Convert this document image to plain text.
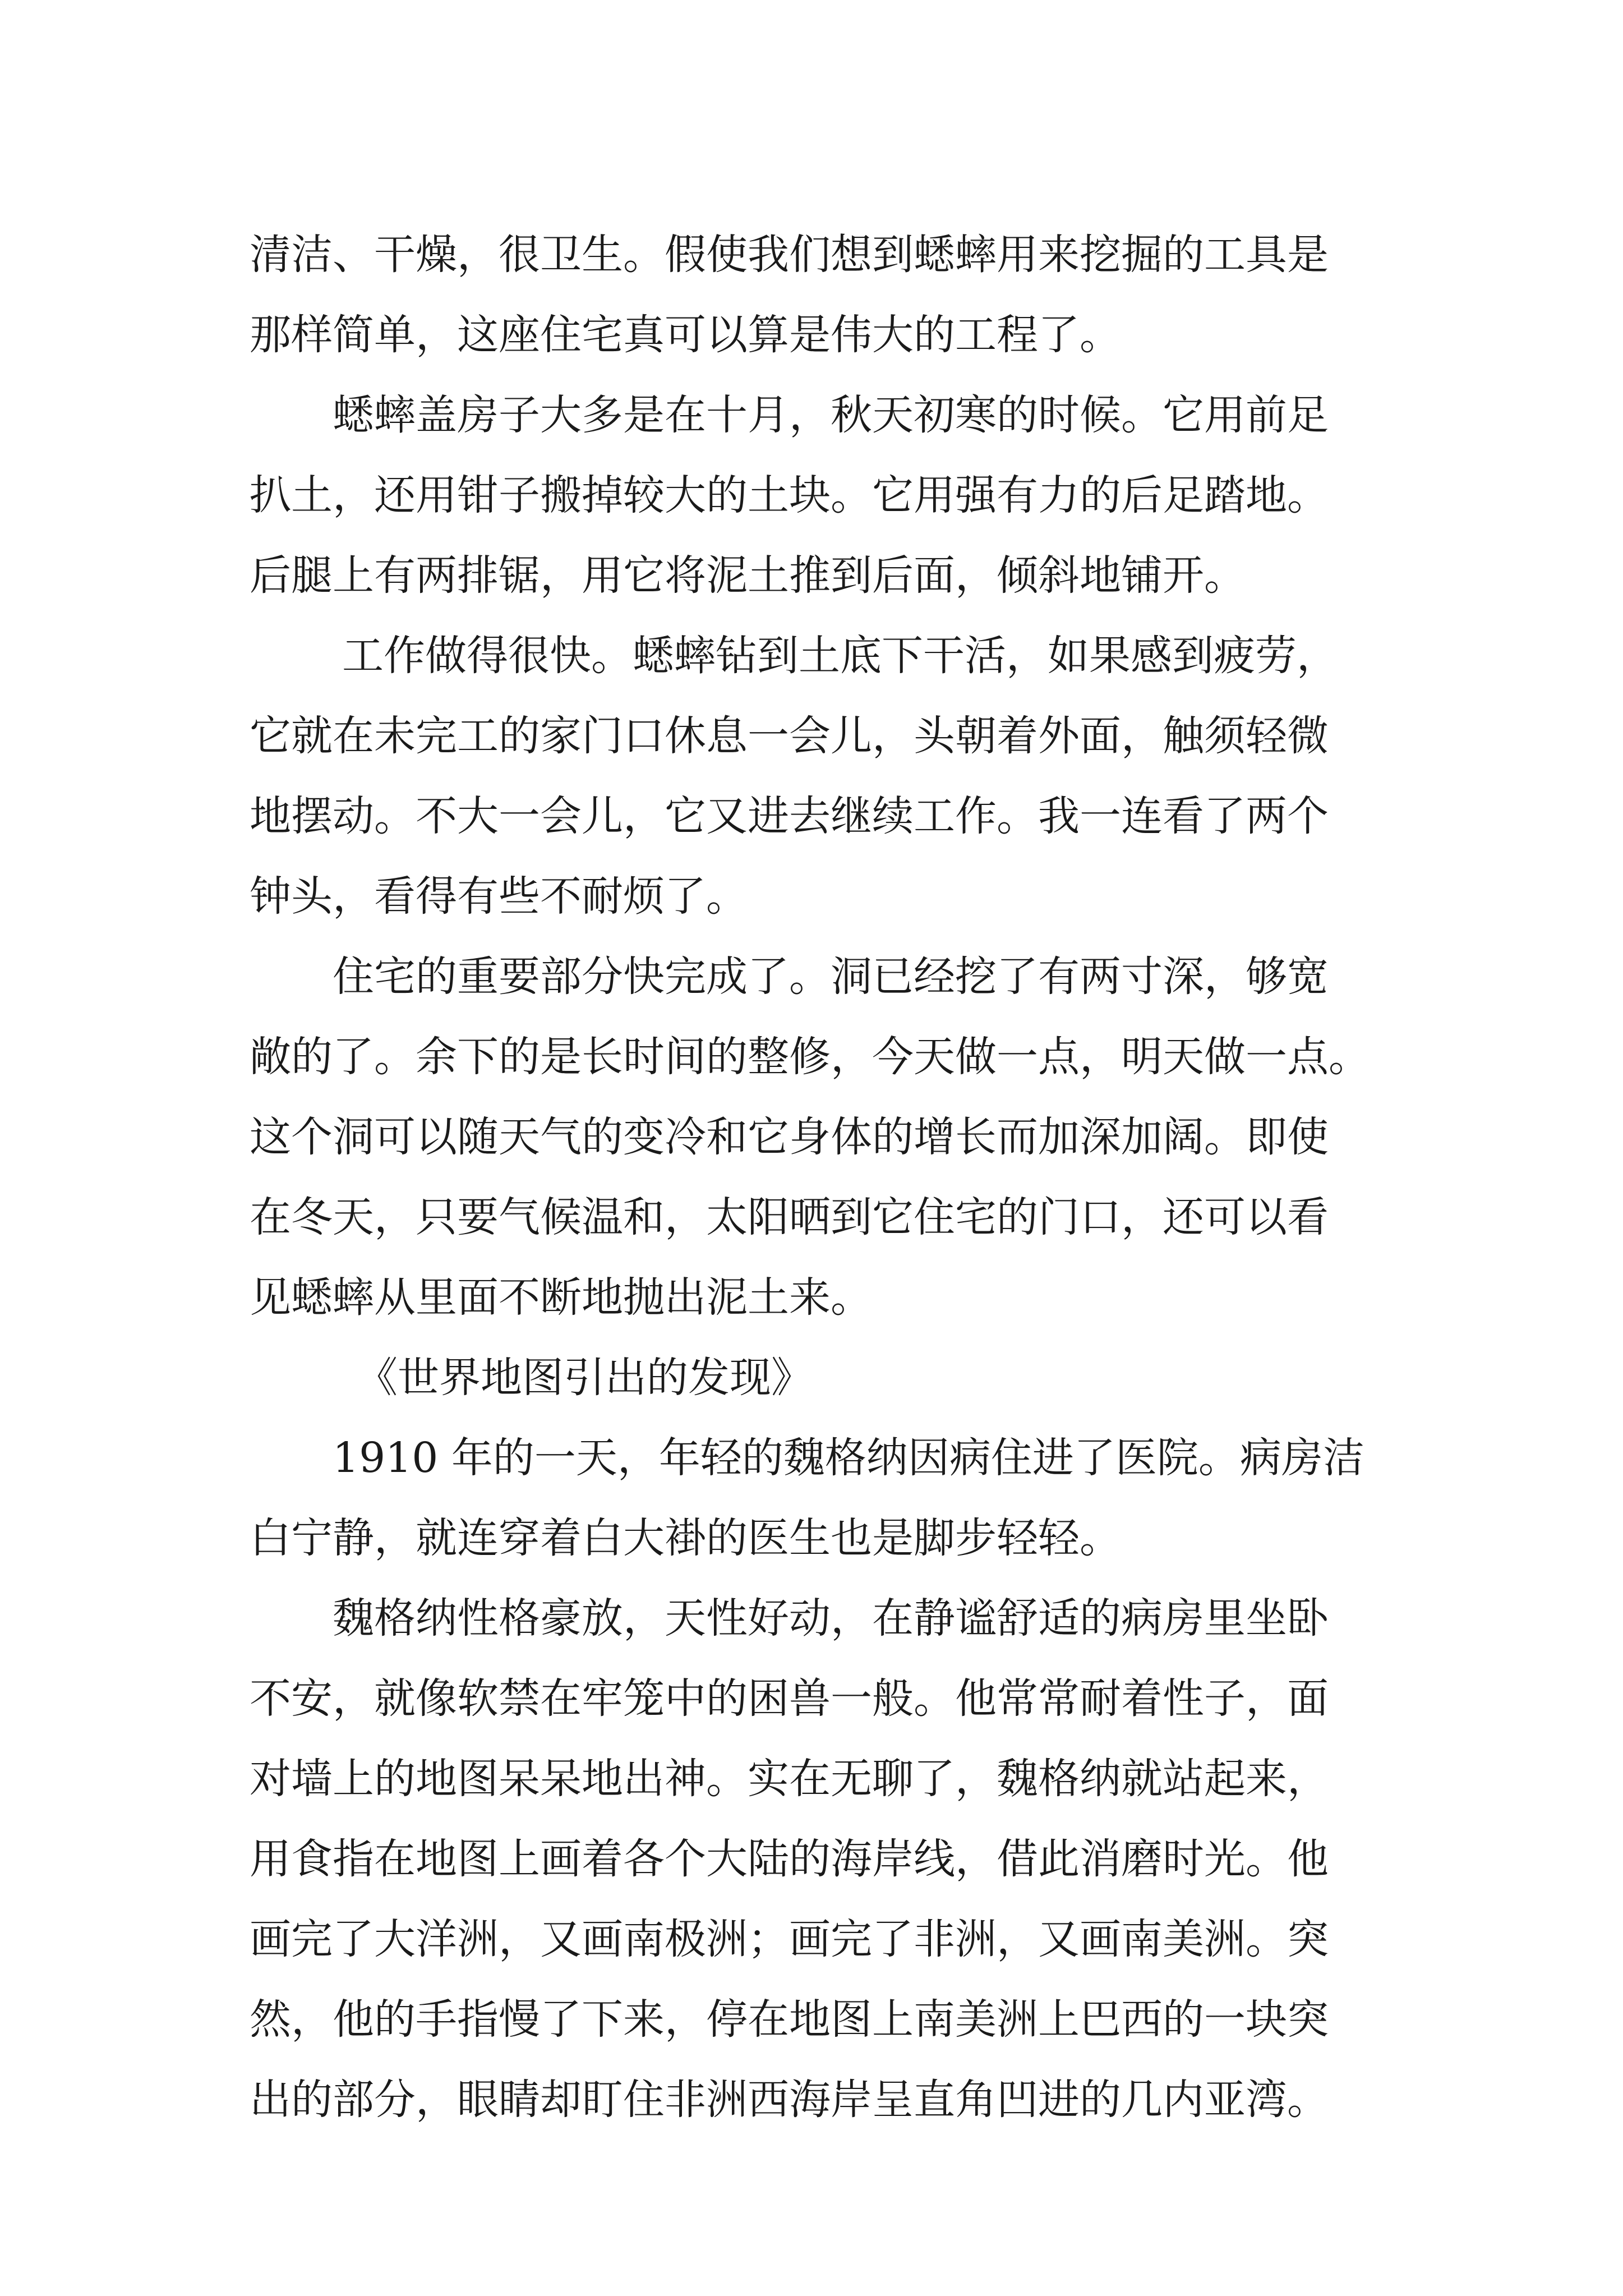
清洁、干燥，很卫生。假使我们想到蟋蟀用来挖掘的工具是
那样简单，这座住宅真可以算是伟大的工程了。
蟋蟀盖房子大多是在十月，秋天初寒的时候。它用前足
扒土，还用钳子搬掉较大的土块。它用强有力的后足踏地。
后腿上有两排锯，用它将泥土推到后面，倾斜地铺开。
工作做得很快。蟋蟀钻到土底下干活，如果感到疲劳，
它就在未完工的家门口休息一会儿，头朝着外面，触须轻微
地摆动。不大一会儿，它又进去继续工作。我一连看了两个
钟头，看得有些不耐烦了。
住宅的重要部分快完成了。洞已经挖了有两寸深，够宽
敞的了。余下的是长时间的整修，今天做一点，明天做一点。
这个洞可以随天气的变冷和它身体的增长而加深加阔。即使
在冬天，只要气候温和，太阳晒到它住宅的门口，还可以看
见蟋蟀从里面不断地抛出泥土来。
《世界地图引出的发现》
1910 年的一天，年轻的魏格纳因病住进了医院。病房洁
白宁静，就连穿着白大褂的医生也是脚步轻轻。
魏格纳性格豪放，天性好动，在静谧舒适的病房里坐卧
不安，就像软禁在牢笼中的困兽一般。他常常耐着性子，面
对墙上的地图呆呆地出神。实在无聊了，魏格纳就站起来，
用食指在地图上画着各个大陆的海岸线，借此消磨时光。他
画完了大洋洲，又画南极洲；画完了非洲，又画南美洲。突
然，他的手指慢了下来，停在地图上南美洲上巴西的一块突
出的部分，眼睛却盯住非洲西海岸呈直角凹进的几内亚湾。
